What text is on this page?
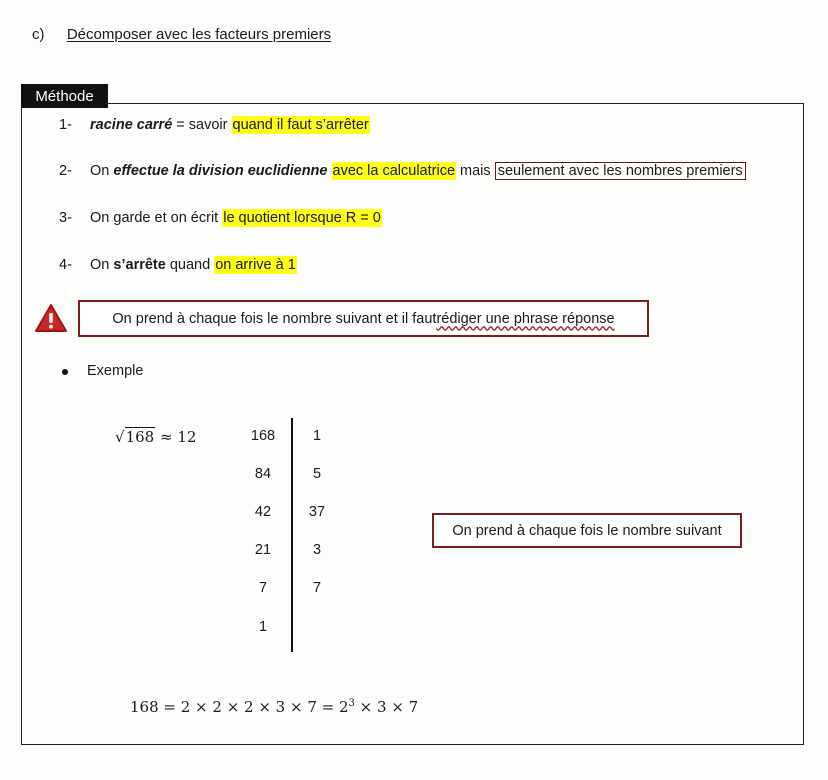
c) Décomposer avec les facteurs premiers
Méthode
1- racine carré = savoir quand il faut s’arrêter
2- On effectue la division euclidienne avec la calculatrice mais seulement avec les nombres premiers
3- On garde et on écrit le quotient lorsque R = 0
4- On s’arrête quand on arrive à 1
On prend à chaque fois le nombre suivant et il faut rédiger une phrase réponse
Exemple
√168 ≈ 12	168
84
42
21
7
1
1
5
37
3
7
On prend à chaque fois le nombre suivant
$168 = 2 \times 2 \times 2 \times 3 \times 7 = 2^3 \times 3 \times 7$
